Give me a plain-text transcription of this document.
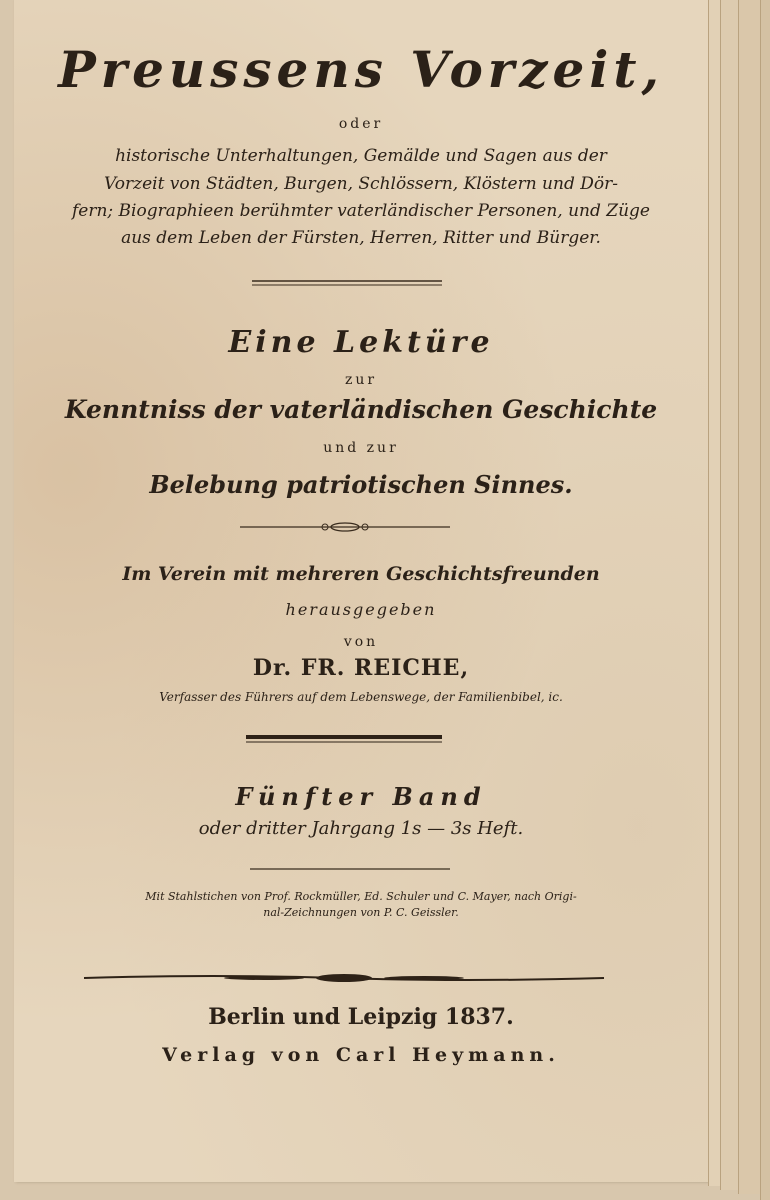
Preussens Vorzeit,
oder
historische Unterhaltungen, Gemälde und Sagen aus der
Vorzeit von Städten, Burgen, Schlössern, Klöstern und Dör-
fern; Biographieen berühmter vaterländischer Personen, und Züge
aus dem Leben der Fürsten, Herren, Ritter und Bürger.
Eine Lektüre
zur
Kenntniss der vaterländischen Geschichte
und zur
Belebung patriotischen Sinnes.
Im Verein mit mehreren Geschichtsfreunden
herausgegeben
von
Dr. FR. REICHE,
Verfasser des Führers auf dem Lebenswege, der Familienbibel, ic.
Fünfter Band
oder dritter Jahrgang 1s — 3s Heft.
Mit Stahlstichen von Prof. Rockmüller, Ed. Schuler und C. Mayer, nach Origi-
nal-Zeichnungen von P. C. Geissler.
Berlin und Leipzig 1837.
Verlag von Carl Heymann.
